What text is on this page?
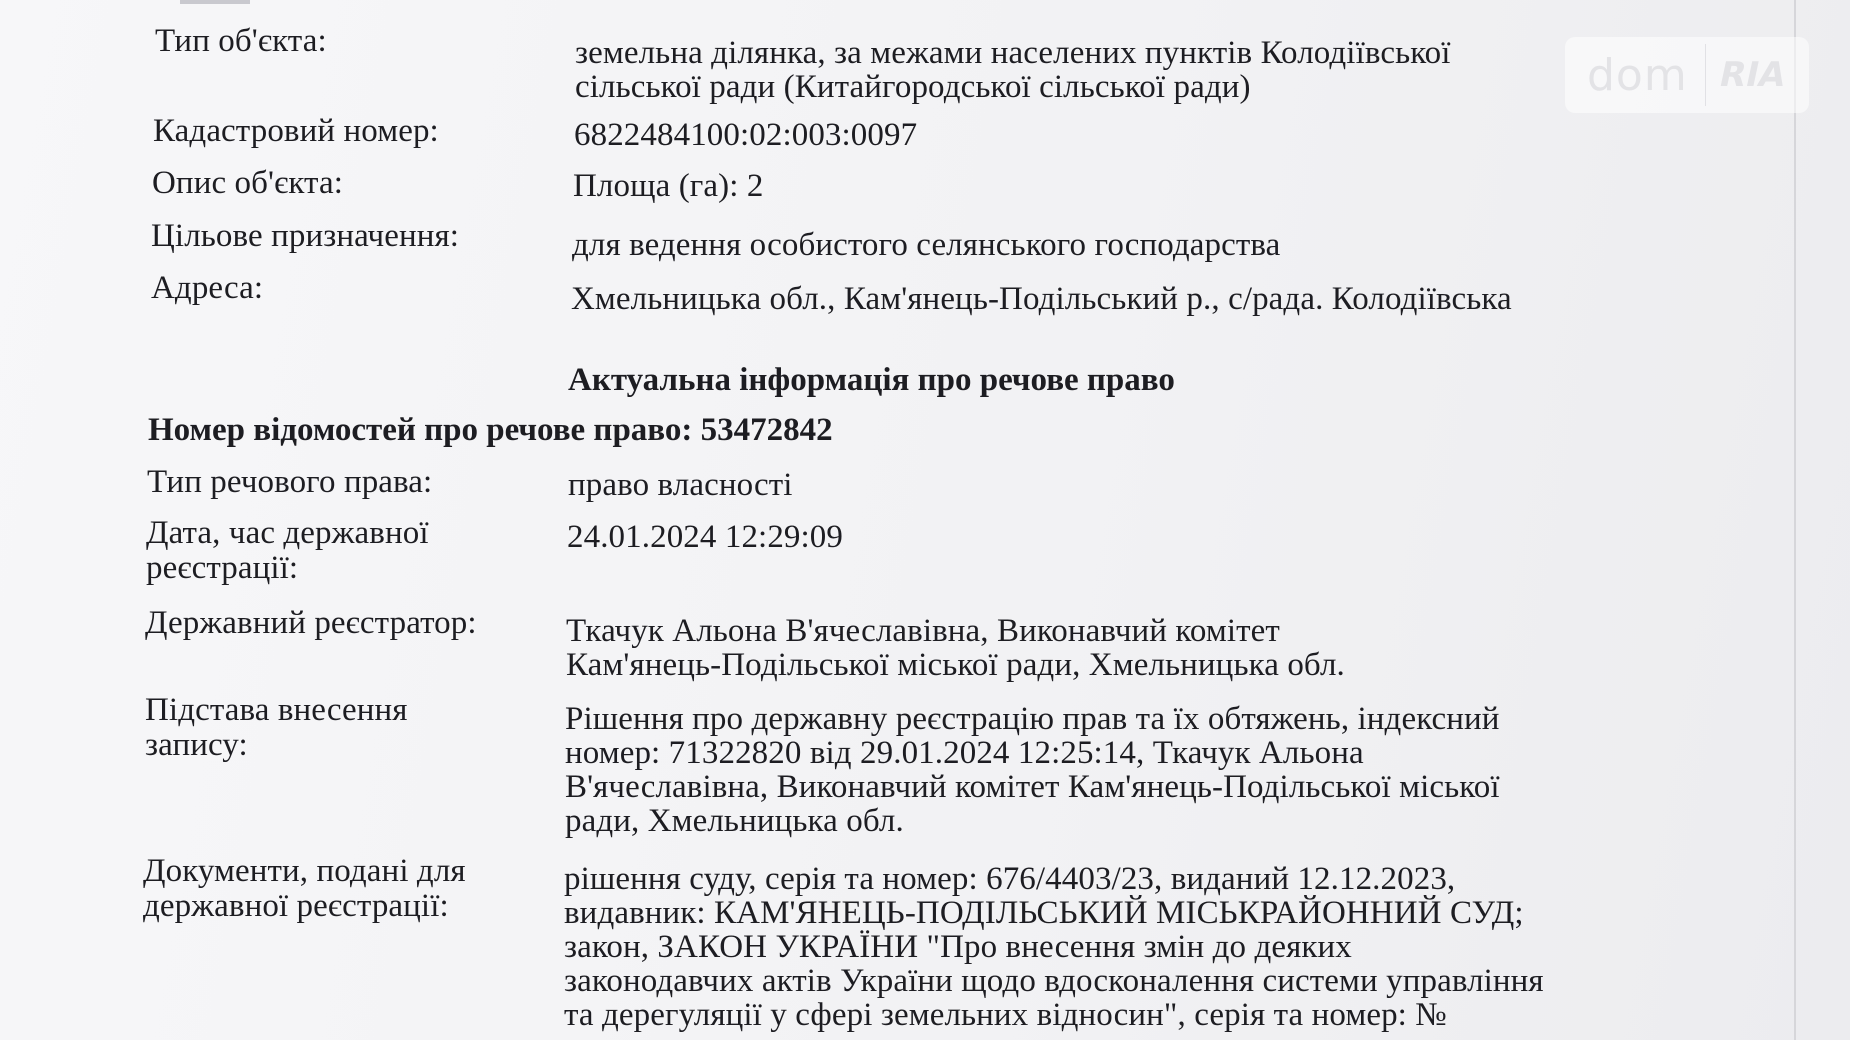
dom RIA
Тип об'єкта:	земельна ділянка, за межами населених пунктів Колодіївської
сільської ради (Китайгородської сільської ради)
Кадастровий номер:	6822484100:02:003:0097
Опис об'єкта:	Площа (га): 2
Цільове призначення:	для ведення особистого селянського господарства
Адреса:	Хмельницька обл., Кам'янець-Подільський р., с/рада. Колодіївська
Актуальна інформація про речове право
Номер відомостей про речове право: 53472842
Тип речового права:	право власності
Дата, час державної
реєстрації:
24.01.2024 12:29:09
Державний реєстратор:	Ткачук Альона В'ячеславівна, Виконавчий комітет
Кам'янець-Подільської міської ради, Хмельницька обл.
Підстава внесення
запису:
Рішення про державну реєстрацію прав та їх обтяжень, індексний
номер: 71322820 від 29.01.2024 12:25:14, Ткачук Альона
В'ячеславівна, Виконавчий комітет Кам'янець-Подільської міської
ради, Хмельницька обл.
Документи, подані для
державної реєстрації:
рішення суду, серія та номер: 676/4403/23, виданий 12.12.2023,
видавник: КАМ'ЯНЕЦЬ-ПОДІЛЬСЬКИЙ МІСЬКРАЙОННИЙ СУД;
закон, ЗАКОН УКРАЇНИ "Про внесення змін до деяких
законодавчих актів України щодо вдосконалення системи управління
та дерегуляції у сфері земельних відносин", серія та номер: №
